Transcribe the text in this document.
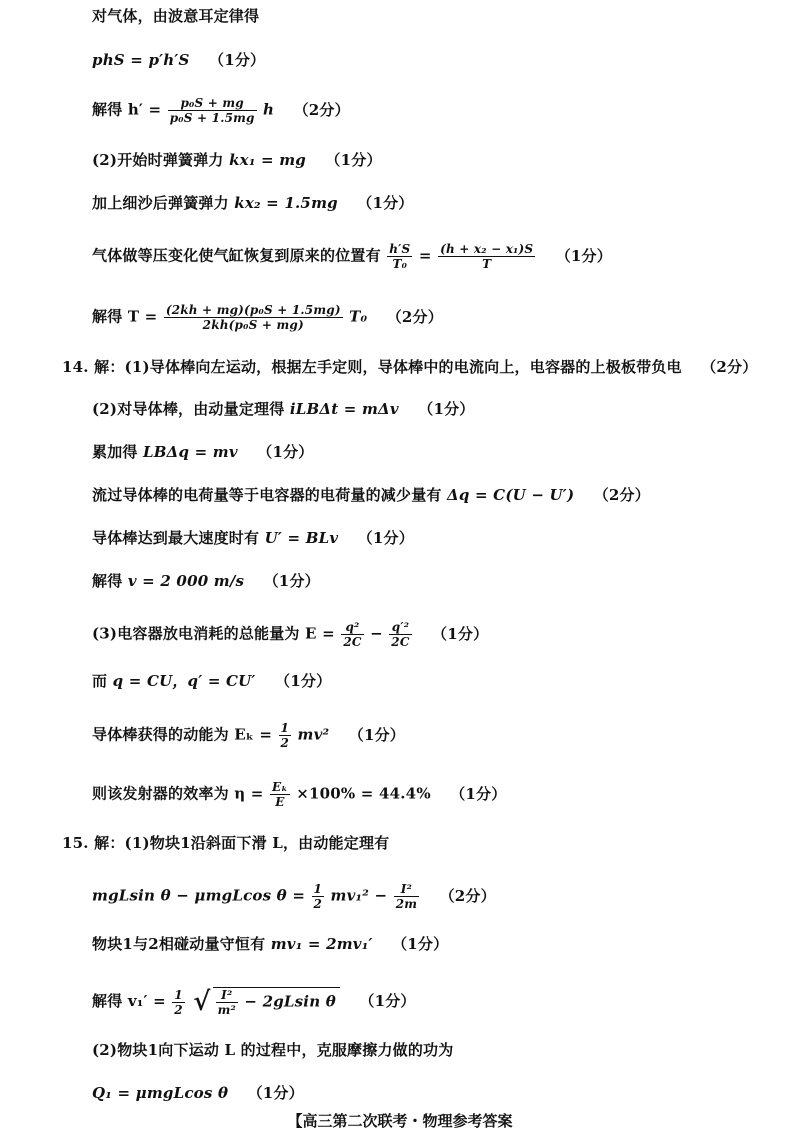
对气体，由波意耳定律得
phS = p′h′S （1分）
解得 $h' = \frac{\text{p₀S + mg}}{\text{p₀S + 1.5mg}}$ h （2分）
(2)开始时弹簧弹力 kx₁ = mg （1分）
加上细沙后弹簧弹力 kx₂ = 1.5mg （1分）
气体做等压变化使气缸恢复到原来的位置有 $\frac{h'S}{\text{T₀}} = \frac{\text{(h + x₂ − x₁)S}}{T} (1$分）
解得 $T = \frac{\text{(2kh + mg)(p₀S + 1.5mg)}}{\text{2kh(p₀S + mg)}} T_0$ （2分）
14. 解：(1)导体棒向左运动，根据左手定则，导体棒中的电流向上，电容器的上极板带负电 （2分）
(2)对导体棒，由动量定理得 iLBΔt = mΔv （1分）
累加得 LBΔq = mv （1分）
流过导体棒的电荷量等于电容器的电荷量的减少量有 Δq = C(U − U′) （2分）
导体棒达到最大速度时有 U′ = BLv （1分）
解得 v = 2 000 m/s （1分）
(3)电容器放电消耗的总能量为 $E = \frac{\text{q²}}{2C} - \frac{\text{q′²}}{2C} (1$分）
而 q = CU，q′ = CU′ （1分）
导体棒获得的动能为 $E_k = \frac{1}{2} mv^2$ （1分）
则该发射器的效率为 $\eta = \frac{\text{Eₖ}}{E} \times 100\% = 44.4\%$ （1分）
15. 解：(1)物块1沿斜面下滑 L，由动能定理有
mgLsin θ − μmgLcos $\theta = \frac{1}{2} mv_1^2 - \frac{\text{I²}}{2m} (2$分）
物块1与2相碰动量守恒有 mv₁ = 2mv₁′ （1分）
解得 $v_1' = \frac{1}{2}$ √ $\frac{\text{I²}}{\text{m²}} - 2gLsin$ θ （1分）
(2)物块1向下运动 L 的过程中，克服摩擦力做的功为
Q₁ = μmgLcos θ （1分）
【高三第二次联考・物理参考答案
